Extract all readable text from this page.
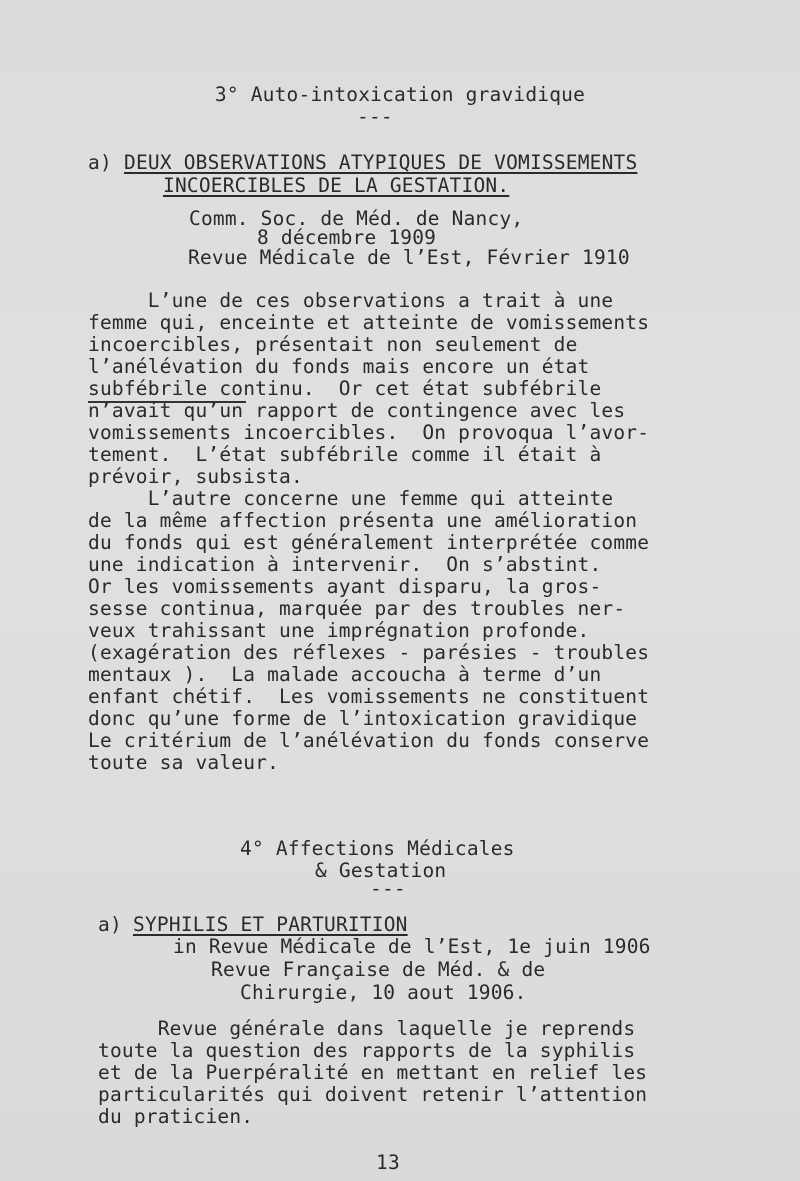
3° Auto-intoxication gravidique
---
a) DEUX OBSERVATIONS ATYPIQUES DE VOMISSEMENTS
INCOERCIBLES DE LA GESTATION.
Comm. Soc. de Méd. de Nancy,
8 décembre 1909
Revue Médicale de l’Est, Février 1910
L’une de ces observations a trait à une
femme qui, enceinte et atteinte de vomissements
incoercibles, présentait non seulement de
l’anélévation du fonds mais encore un état
subfébrile continu.  Or cet état subfébrile
n’avait qu’un rapport de contingence avec les
vomissements incoercibles.  On provoqua l’avor-
tement.  L’état subfébrile comme il était à
prévoir, subsista.
L’autre concerne une femme qui atteinte
de la même affection présenta une amélioration
du fonds qui est généralement interprétée comme
une indication à intervenir.  On s’abstint.
Or les vomissements ayant disparu, la gros-
sesse continua, marquée par des troubles ner-
veux trahissant une imprégnation profonde.
(exagération des réflexes - parésies - troubles
mentaux ).  La malade accoucha à terme d’un
enfant chétif.  Les vomissements ne constituent
donc qu’une forme de l’intoxication gravidique
Le critérium de l’anélévation du fonds conserve
toute sa valeur.
4° Affections Médicales
& Gestation
---
a) SYPHILIS ET PARTURITION
in Revue Médicale de l’Est, 1e juin 1906
Revue Française de Méd. & de
Chirurgie, 10 aout 1906.
Revue générale dans laquelle je reprends
toute la question des rapports de la syphilis
et de la Puerpéralité en mettant en relief les
particularités qui doivent retenir l’attention
du praticien.
13
